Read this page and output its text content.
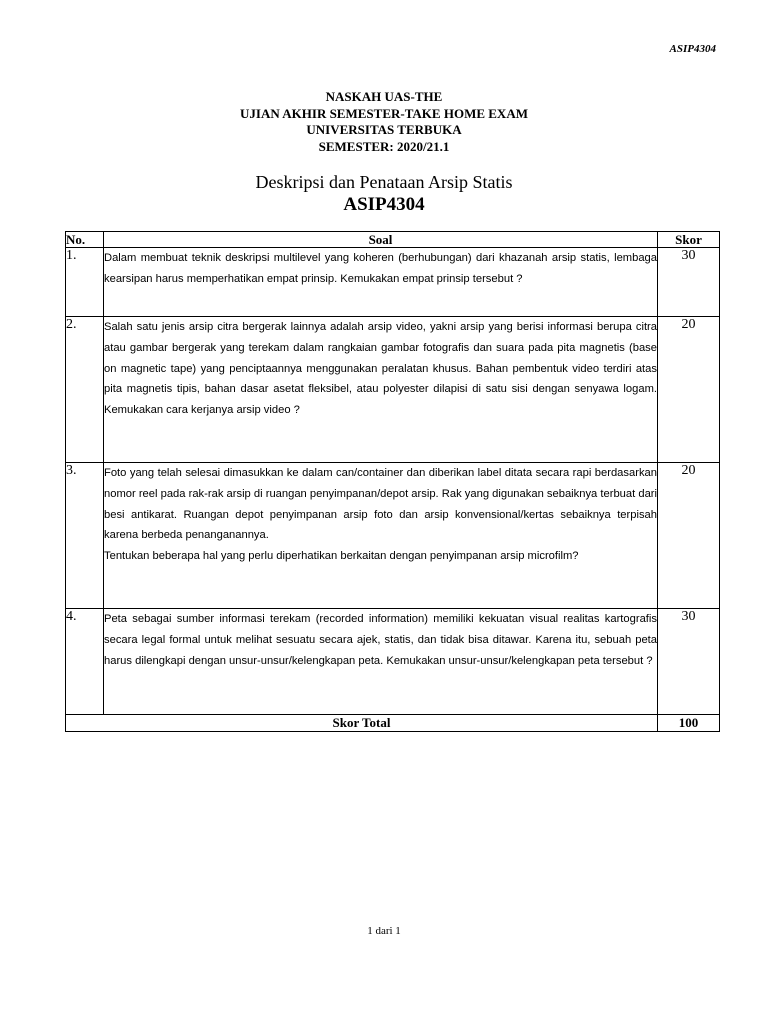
ASIP4304
NASKAH UAS-THE
UJIAN AKHIR SEMESTER-TAKE HOME EXAM
UNIVERSITAS TERBUKA
SEMESTER: 2020/21.1
Deskripsi dan Penataan Arsip Statis
ASIP4304
No.	Soal	Skor
1.	Dalam membuat teknik deskripsi multilevel yang koheren (berhubungan) dari khazanah arsip statis, lembaga kearsipan harus memperhatikan empat prinsip. Kemukakan empat prinsip tersebut ?	30
2.	Salah satu jenis arsip citra bergerak lainnya adalah arsip video, yakni arsip yang berisi informasi berupa citra atau gambar bergerak yang terekam dalam rangkaian gambar fotografis dan suara pada pita magnetis (base on magnetic tape) yang penciptaannya menggunakan peralatan khusus. Bahan pembentuk video terdiri atas pita magnetis tipis, bahan dasar asetat fleksibel, atau polyester dilapisi di satu sisi dengan senyawa logam. Kemukakan cara kerjanya arsip video ?	20
3.	Foto yang telah selesai dimasukkan ke dalam can/container dan diberikan label ditata secara rapi berdasarkan nomor reel pada rak-rak arsip di ruangan penyimpanan/depot arsip. Rak yang digunakan sebaiknya terbuat dari besi antikarat. Ruangan depot penyimpanan arsip foto dan arsip konvensional/kertas sebaiknya terpisah karena berbeda penanganannya.
Tentukan beberapa hal yang perlu diperhatikan berkaitan dengan penyimpanan arsip microfilm?	20
4.	Peta sebagai sumber informasi terekam (recorded information) memiliki kekuatan visual realitas kartografis secara legal formal untuk melihat sesuatu secara ajek, statis, dan tidak bisa ditawar. Karena itu, sebuah peta harus dilengkapi dengan unsur-unsur/kelengkapan peta. Kemukakan unsur-unsur/kelengkapan peta tersebut ?	30
Skor Total		100
1 dari 1
